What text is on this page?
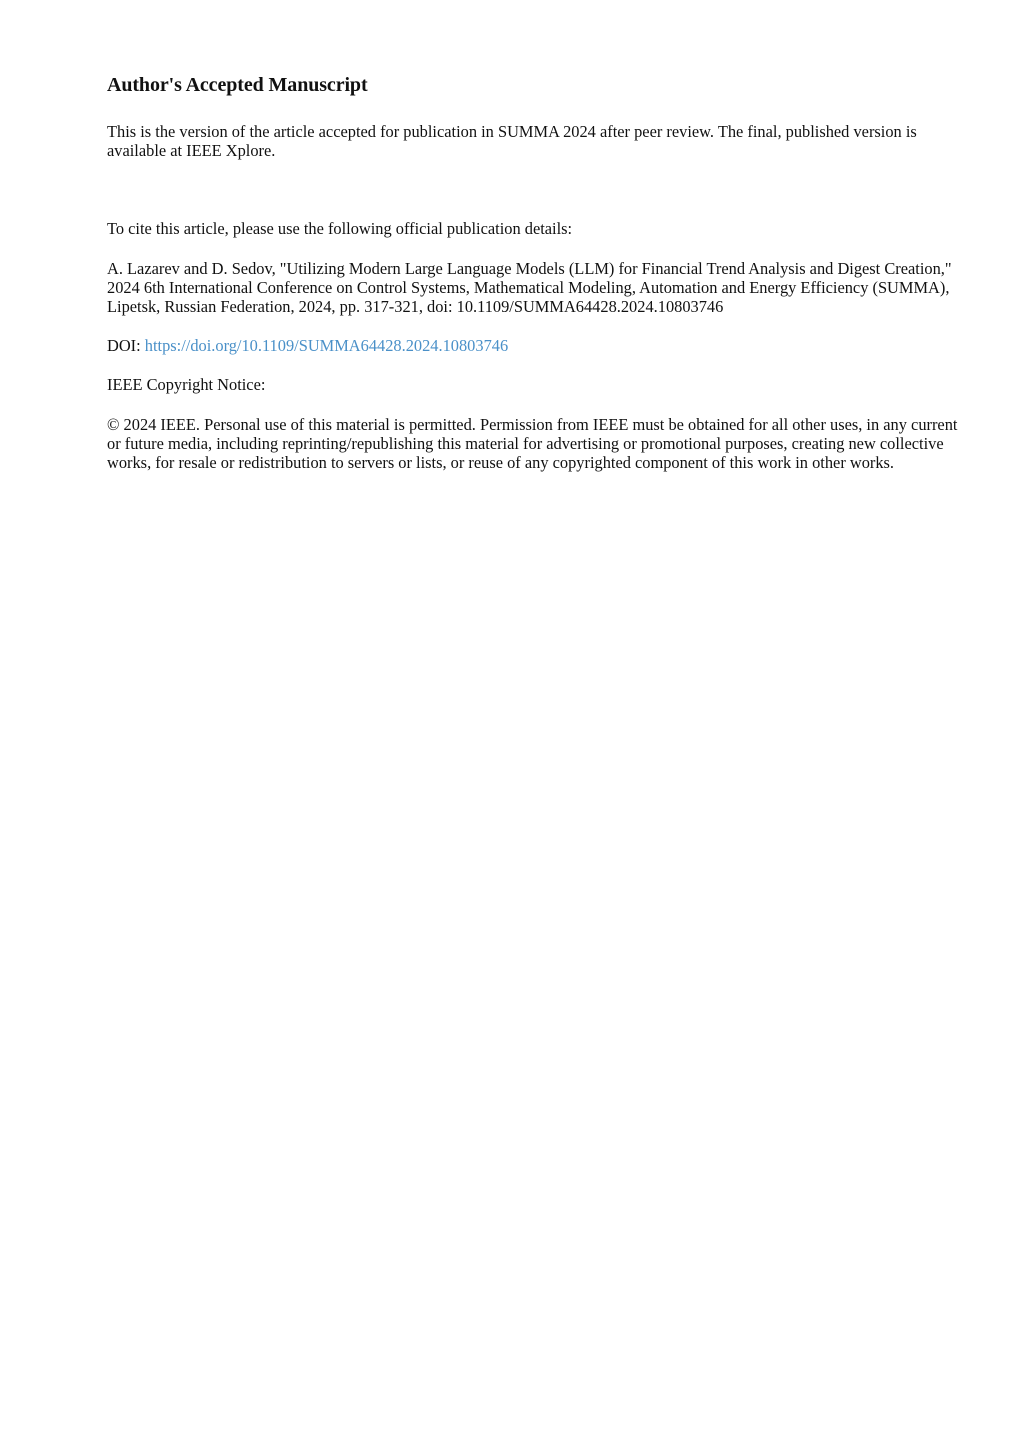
Author's Accepted Manuscript

This is the version of the article accepted for publication in SUMMA 2024 after peer review. The final, published version is available at IEEE Xplore.

To cite this article, please use the following official publication details:

A. Lazarev and D. Sedov, "Utilizing Modern Large Language Models (LLM) for Financial Trend Analysis and Digest Creation," 2024 6th International Conference on Control Systems, Mathematical Modeling, Automation and Energy Efficiency (SUMMA), Lipetsk, Russian Federation, 2024, pp. 317-321, doi: 10.1109/SUMMA64428.2024.10803746

DOI: https://doi.org/10.1109/SUMMA64428.2024.10803746

IEEE Copyright Notice:

© 2024 IEEE. Personal use of this material is permitted. Permission from IEEE must be obtained for all other uses, in any current or future media, including reprinting/republishing this material for advertising or promotional purposes, creating new collective works, for resale or redistribution to servers or lists, or reuse of any copyrighted component of this work in other works.
